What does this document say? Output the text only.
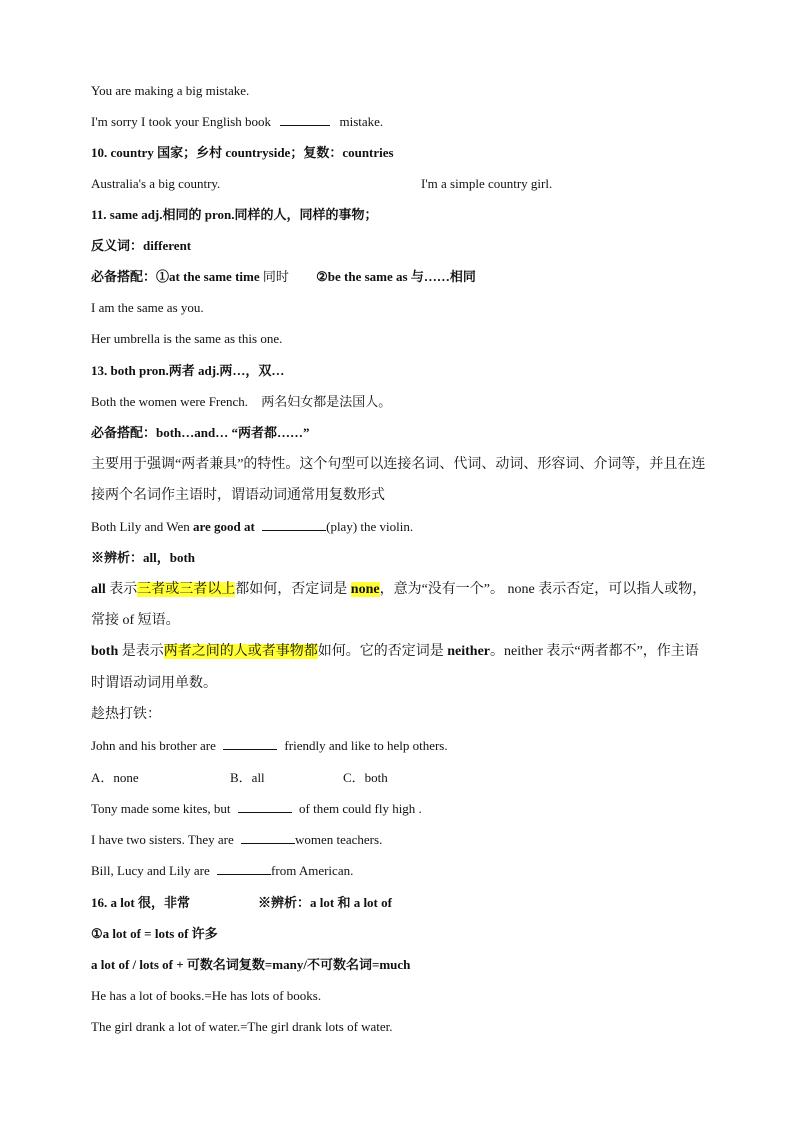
You are making a big mistake.
I'm sorry I took your English book	mistake.
10. country 国家；乡村 countryside；复数：countries
Australia's a big country.	I'm a simple country girl.
11. same adj.相同的 pron.同样的人，同样的事物；
反义词：different
必备搭配：①at the same time 同时 ②be the same as 与……相同
I am the same as you.
Her umbrella is the same as this one.
13. both pron.两者 adj.两…，双…
Both the women were French. 两名妇女都是法国人。
必备搭配：both…and… “两者都……”
主要用于强调“两者兼具”的特性。这个句型可以连接名词、代词、动词、形容词、介词等，并且在连
接两个名词作主语时，谓语动词通常用复数形式
Both Lily and Wen are good at	(play) the violin.
※辨析：all，both
all 表示三者或三者以上都如何，否定词是 none，意为“没有一个”。 none 表示否定，可以指人或物，
常接 of 短语。
both 是表示两者之间的人或者事物都如何。它的否定词是 neither。neither 表示“两者都不”，作主语
时谓语动词用单数。
趁热打铁：
John and his brother are	friendly and like to help others.
A．none	B．all	C．both
Tony made some kites, but	of them could fly high .
I have two sisters. They are	women teachers.
Bill, Lucy and Lily are	from American.
16. a lot 很，非常	※辨析：a lot 和 a lot of
①a lot of = lots of 许多
a lot of / lots of + 可数名词复数=many/不可数名词=much
He has a lot of books.=He has lots of books.
The girl drank a lot of water.=The girl drank lots of water.
